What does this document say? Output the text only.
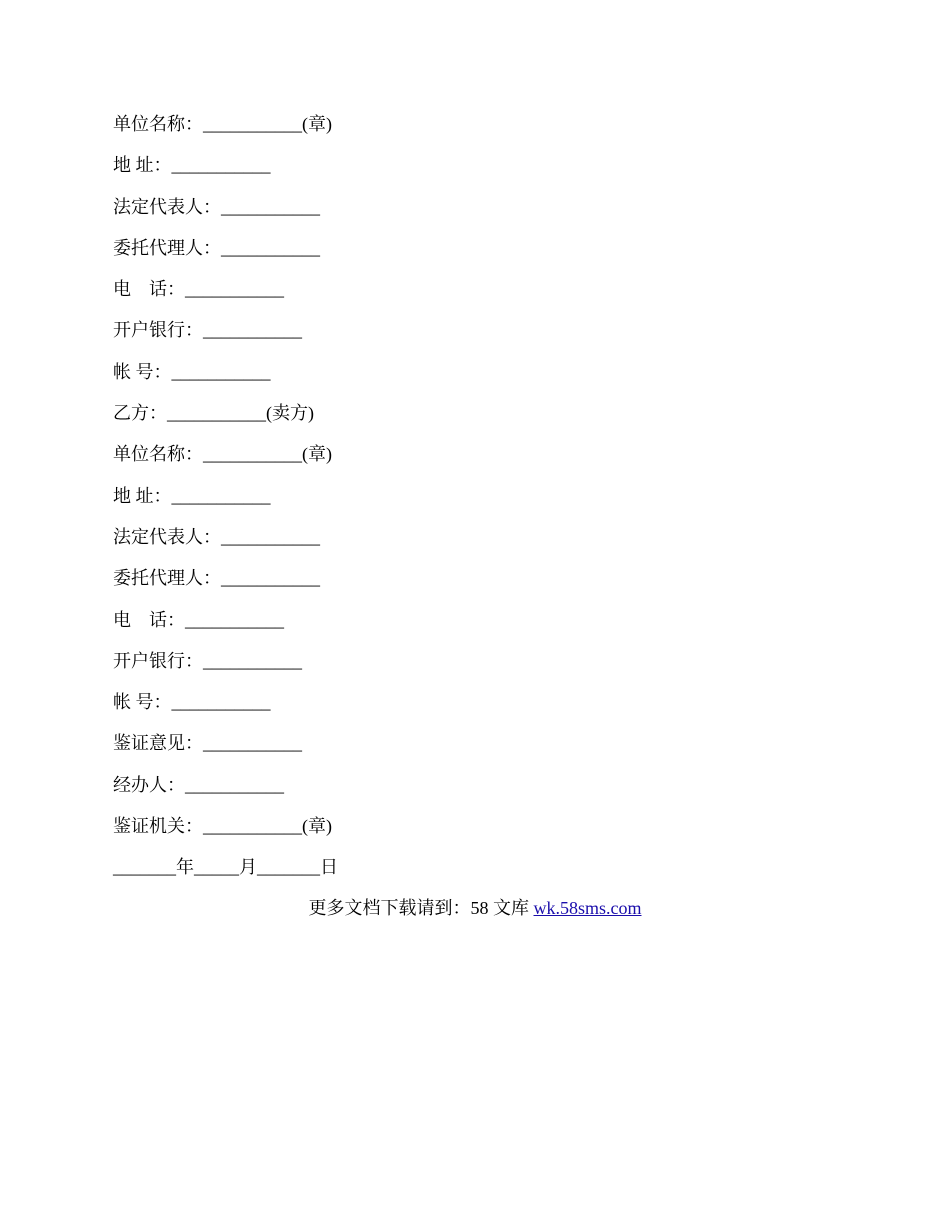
单位名称：___________(章)
地 址：___________
法定代表人：___________
委托代理人：___________
电　话：___________
开户银行：___________
帐 号：___________
乙方：___________(卖方)
单位名称：___________(章)
地 址：___________
法定代表人：___________
委托代理人：___________
电　话：___________
开户银行：___________
帐 号：___________
鉴证意见：___________
经办人：___________
鉴证机关：___________(章)
_______年_____月_______日
更多文档下载请到：58 文库 wk.58sms.com
